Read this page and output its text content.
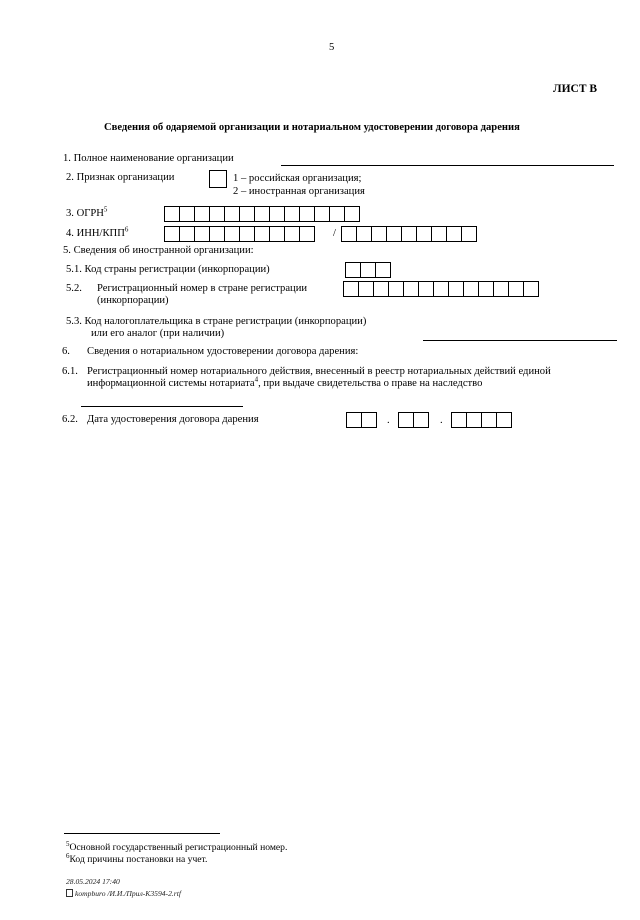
5
ЛИСТ В
Сведения об одаряемой организации и нотариальном удостоверении договора дарения
1. Полное наименование организации
2. Признак организации	1 – российская организация;
2 – иностранная организация
3. ОГРН$^5$
4. ИНН/КПП$^6$	/
5. Сведения об иностранной организации:
5.1. Код страны регистрации (инкорпорации)
5.2. Регистрационный номер в стране регистрации
(инкорпорации)
5.3. Код налогоплательщика в стране регистрации (инкорпорации)
или его аналог (при наличии)
6. Сведения о нотариальном удостоверении договора дарения:
6.1. Регистрационный номер нотариального действия, внесенный в реестр нотариальных действий единой
информационной системы нотариата$^4$, при выдаче свидетельства о праве на наследство
6.2. Дата удостоверения договора дарения	.	.
$^5$Основной государственный регистрационный номер.
$^6$Код причины постановки на учет.
28.05.2024 17:40
kompburo /И.И./Прил-К3594-2.rtf
